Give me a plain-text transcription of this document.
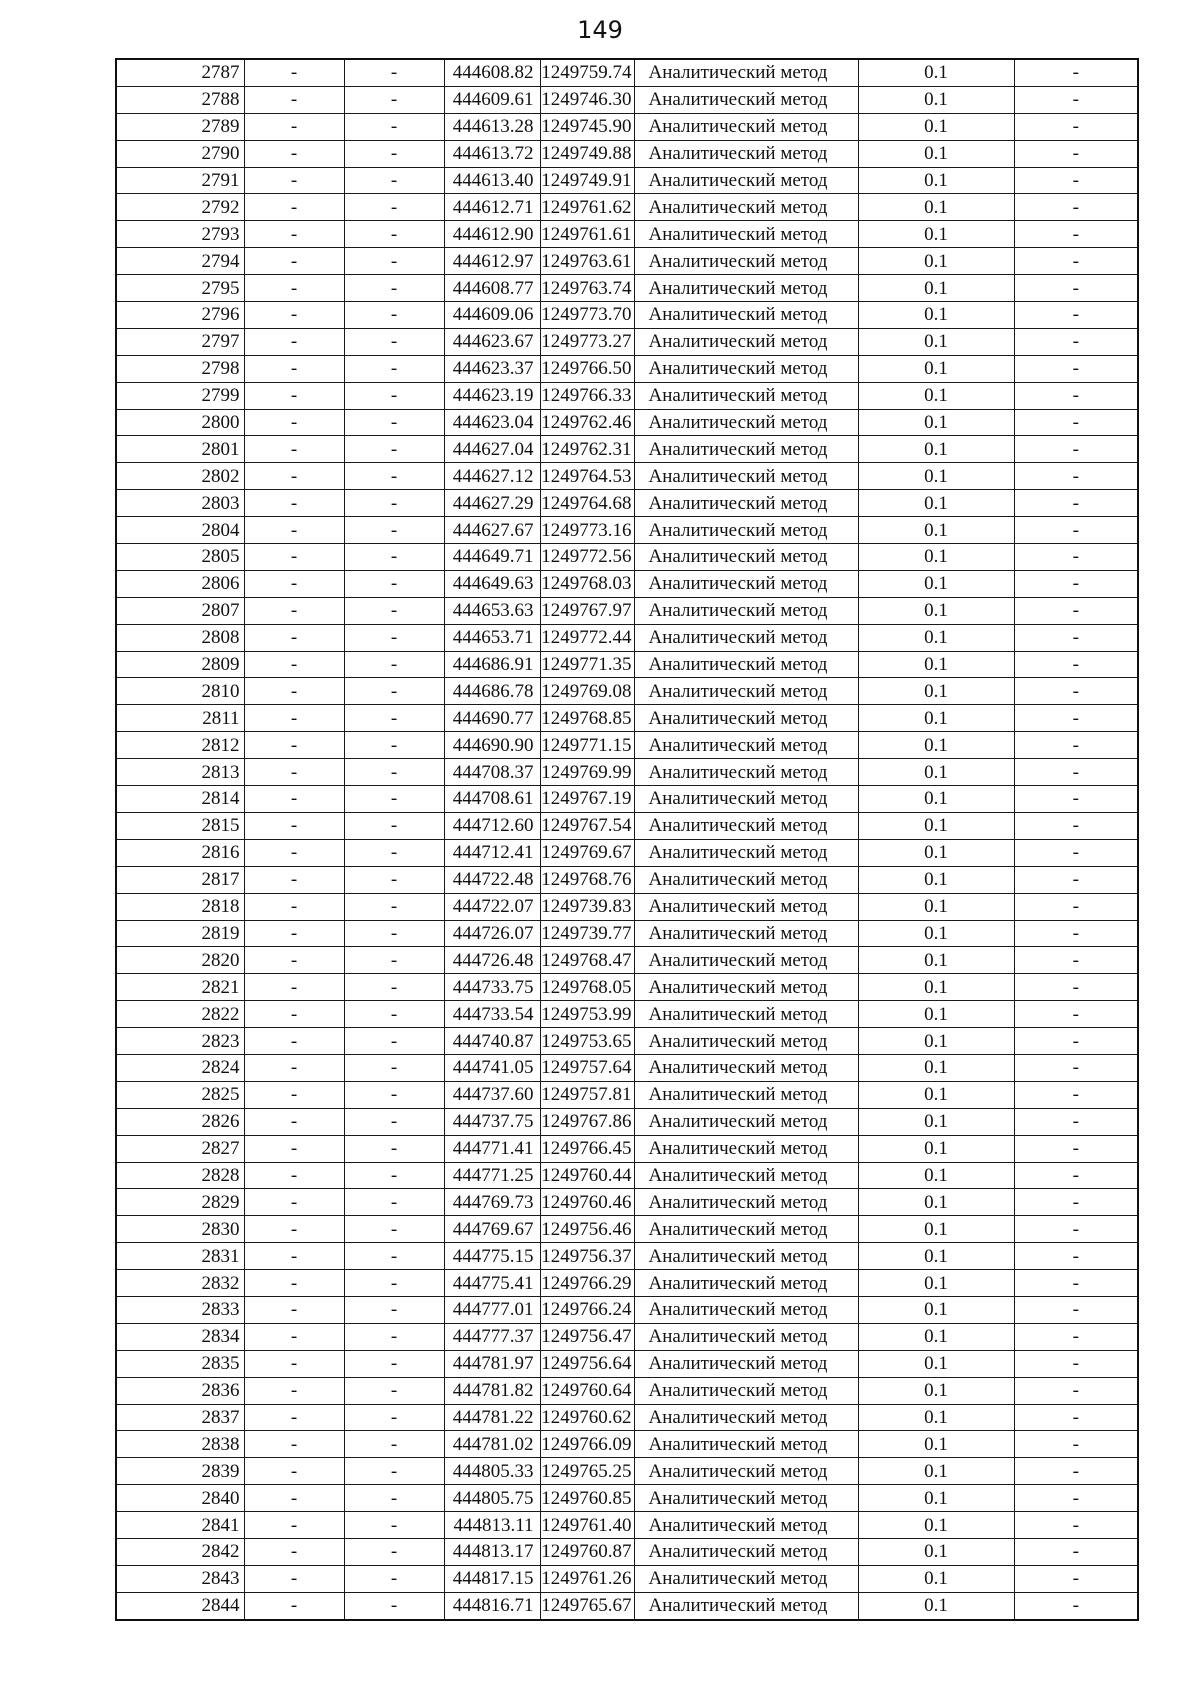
149
2787	-	-	444608.82	1249759.74	Аналитический метод	0.1	-
2788	-	-	444609.61	1249746.30	Аналитический метод	0.1	-
2789	-	-	444613.28	1249745.90	Аналитический метод	0.1	-
2790	-	-	444613.72	1249749.88	Аналитический метод	0.1	-
2791	-	-	444613.40	1249749.91	Аналитический метод	0.1	-
2792	-	-	444612.71	1249761.62	Аналитический метод	0.1	-
2793	-	-	444612.90	1249761.61	Аналитический метод	0.1	-
2794	-	-	444612.97	1249763.61	Аналитический метод	0.1	-
2795	-	-	444608.77	1249763.74	Аналитический метод	0.1	-
2796	-	-	444609.06	1249773.70	Аналитический метод	0.1	-
2797	-	-	444623.67	1249773.27	Аналитический метод	0.1	-
2798	-	-	444623.37	1249766.50	Аналитический метод	0.1	-
2799	-	-	444623.19	1249766.33	Аналитический метод	0.1	-
2800	-	-	444623.04	1249762.46	Аналитический метод	0.1	-
2801	-	-	444627.04	1249762.31	Аналитический метод	0.1	-
2802	-	-	444627.12	1249764.53	Аналитический метод	0.1	-
2803	-	-	444627.29	1249764.68	Аналитический метод	0.1	-
2804	-	-	444627.67	1249773.16	Аналитический метод	0.1	-
2805	-	-	444649.71	1249772.56	Аналитический метод	0.1	-
2806	-	-	444649.63	1249768.03	Аналитический метод	0.1	-
2807	-	-	444653.63	1249767.97	Аналитический метод	0.1	-
2808	-	-	444653.71	1249772.44	Аналитический метод	0.1	-
2809	-	-	444686.91	1249771.35	Аналитический метод	0.1	-
2810	-	-	444686.78	1249769.08	Аналитический метод	0.1	-
2811	-	-	444690.77	1249768.85	Аналитический метод	0.1	-
2812	-	-	444690.90	1249771.15	Аналитический метод	0.1	-
2813	-	-	444708.37	1249769.99	Аналитический метод	0.1	-
2814	-	-	444708.61	1249767.19	Аналитический метод	0.1	-
2815	-	-	444712.60	1249767.54	Аналитический метод	0.1	-
2816	-	-	444712.41	1249769.67	Аналитический метод	0.1	-
2817	-	-	444722.48	1249768.76	Аналитический метод	0.1	-
2818	-	-	444722.07	1249739.83	Аналитический метод	0.1	-
2819	-	-	444726.07	1249739.77	Аналитический метод	0.1	-
2820	-	-	444726.48	1249768.47	Аналитический метод	0.1	-
2821	-	-	444733.75	1249768.05	Аналитический метод	0.1	-
2822	-	-	444733.54	1249753.99	Аналитический метод	0.1	-
2823	-	-	444740.87	1249753.65	Аналитический метод	0.1	-
2824	-	-	444741.05	1249757.64	Аналитический метод	0.1	-
2825	-	-	444737.60	1249757.81	Аналитический метод	0.1	-
2826	-	-	444737.75	1249767.86	Аналитический метод	0.1	-
2827	-	-	444771.41	1249766.45	Аналитический метод	0.1	-
2828	-	-	444771.25	1249760.44	Аналитический метод	0.1	-
2829	-	-	444769.73	1249760.46	Аналитический метод	0.1	-
2830	-	-	444769.67	1249756.46	Аналитический метод	0.1	-
2831	-	-	444775.15	1249756.37	Аналитический метод	0.1	-
2832	-	-	444775.41	1249766.29	Аналитический метод	0.1	-
2833	-	-	444777.01	1249766.24	Аналитический метод	0.1	-
2834	-	-	444777.37	1249756.47	Аналитический метод	0.1	-
2835	-	-	444781.97	1249756.64	Аналитический метод	0.1	-
2836	-	-	444781.82	1249760.64	Аналитический метод	0.1	-
2837	-	-	444781.22	1249760.62	Аналитический метод	0.1	-
2838	-	-	444781.02	1249766.09	Аналитический метод	0.1	-
2839	-	-	444805.33	1249765.25	Аналитический метод	0.1	-
2840	-	-	444805.75	1249760.85	Аналитический метод	0.1	-
2841	-	-	444813.11	1249761.40	Аналитический метод	0.1	-
2842	-	-	444813.17	1249760.87	Аналитический метод	0.1	-
2843	-	-	444817.15	1249761.26	Аналитический метод	0.1	-
2844	-	-	444816.71	1249765.67	Аналитический метод	0.1	-
